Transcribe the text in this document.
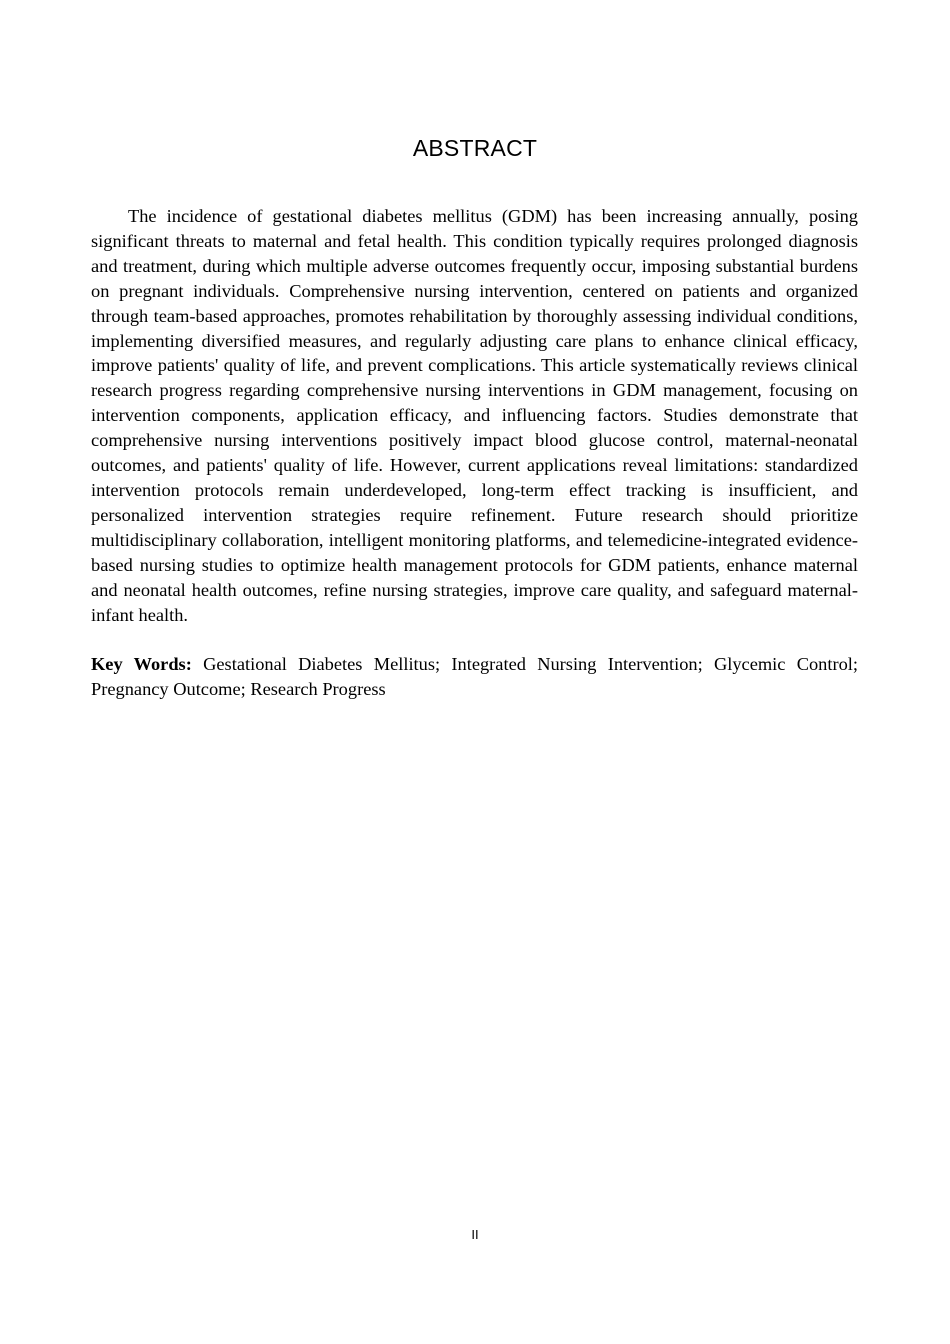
ABSTRACT

The incidence of gestational diabetes mellitus (GDM) has been increasing annually, posing significant threats to maternal and fetal health. This condition typically requires prolonged diagnosis and treatment, during which multiple adverse outcomes frequently occur, imposing substantial burdens on pregnant individuals. Comprehensive nursing intervention, centered on patients and organized through team-based approaches, promotes rehabilitation by thoroughly assessing individual conditions, implementing diversified measures, and regularly adjusting care plans to enhance clinical efficacy, improve patients' quality of life, and prevent complications. This article systematically reviews clinical research progress regarding comprehensive nursing interventions in GDM management, focusing on intervention components, application efficacy, and influencing factors. Studies demonstrate that comprehensive nursing interventions positively impact blood glucose control, maternal-neonatal outcomes, and patients' quality of life. However, current applications reveal limitations: standardized intervention protocols remain underdeveloped, long-term effect tracking is insufficient, and personalized intervention strategies require refinement. Future research should prioritize multidisciplinary collaboration, intelligent monitoring platforms, and telemedicine-integrated evidence-based nursing studies to optimize health management protocols for GDM patients, enhance maternal and neonatal health outcomes, refine nursing strategies, improve care quality, and safeguard maternal-infant health.

Key Words: Gestational Diabetes Mellitus; Integrated Nursing Intervention; Glycemic Control; Pregnancy Outcome; Research Progress

II
